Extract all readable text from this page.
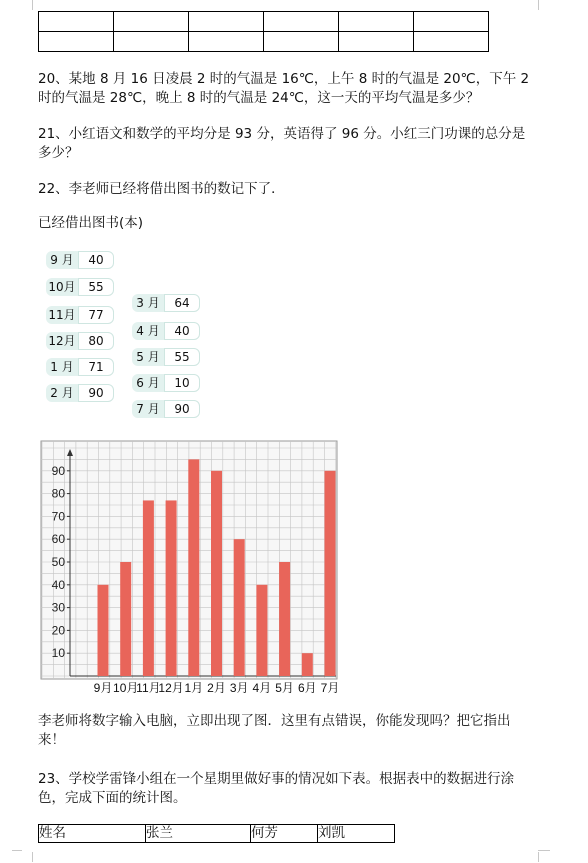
20、某地 8 月 16 日凌晨 2 时的气温是 16℃，上午 8 时的气温是 20℃，下午 2 时的气温是 28℃，晚上 8 时的气温是 24℃，这一天的平均气温是多少？
21、小红语文和数学的平均分是 93 分，英语得了 96 分。小红三门功课的总分是多少？
22、李老师已经将借出图书的数记下了．
已经借出图书(本)
9 月	40
10月	55
11月	77
12月	80
1 月	71
2 月	90
3 月	64
4 月	40
5 月	55
6 月	10
7 月	90
10
20
30
40
50
60
70
80
90
9月 10月
11月
12月 1月 2月 3月 4月 5月 6月 7月
李老师将数字输入电脑，立即出现了图．这里有点错误，你能发现吗？把它指出来！
23、学校学雷锋小组在一个星期里做好事的情况如下表。根据表中的数据进行涂色，完成下面的统计图。
姓名	张兰	何芳	刘凯
